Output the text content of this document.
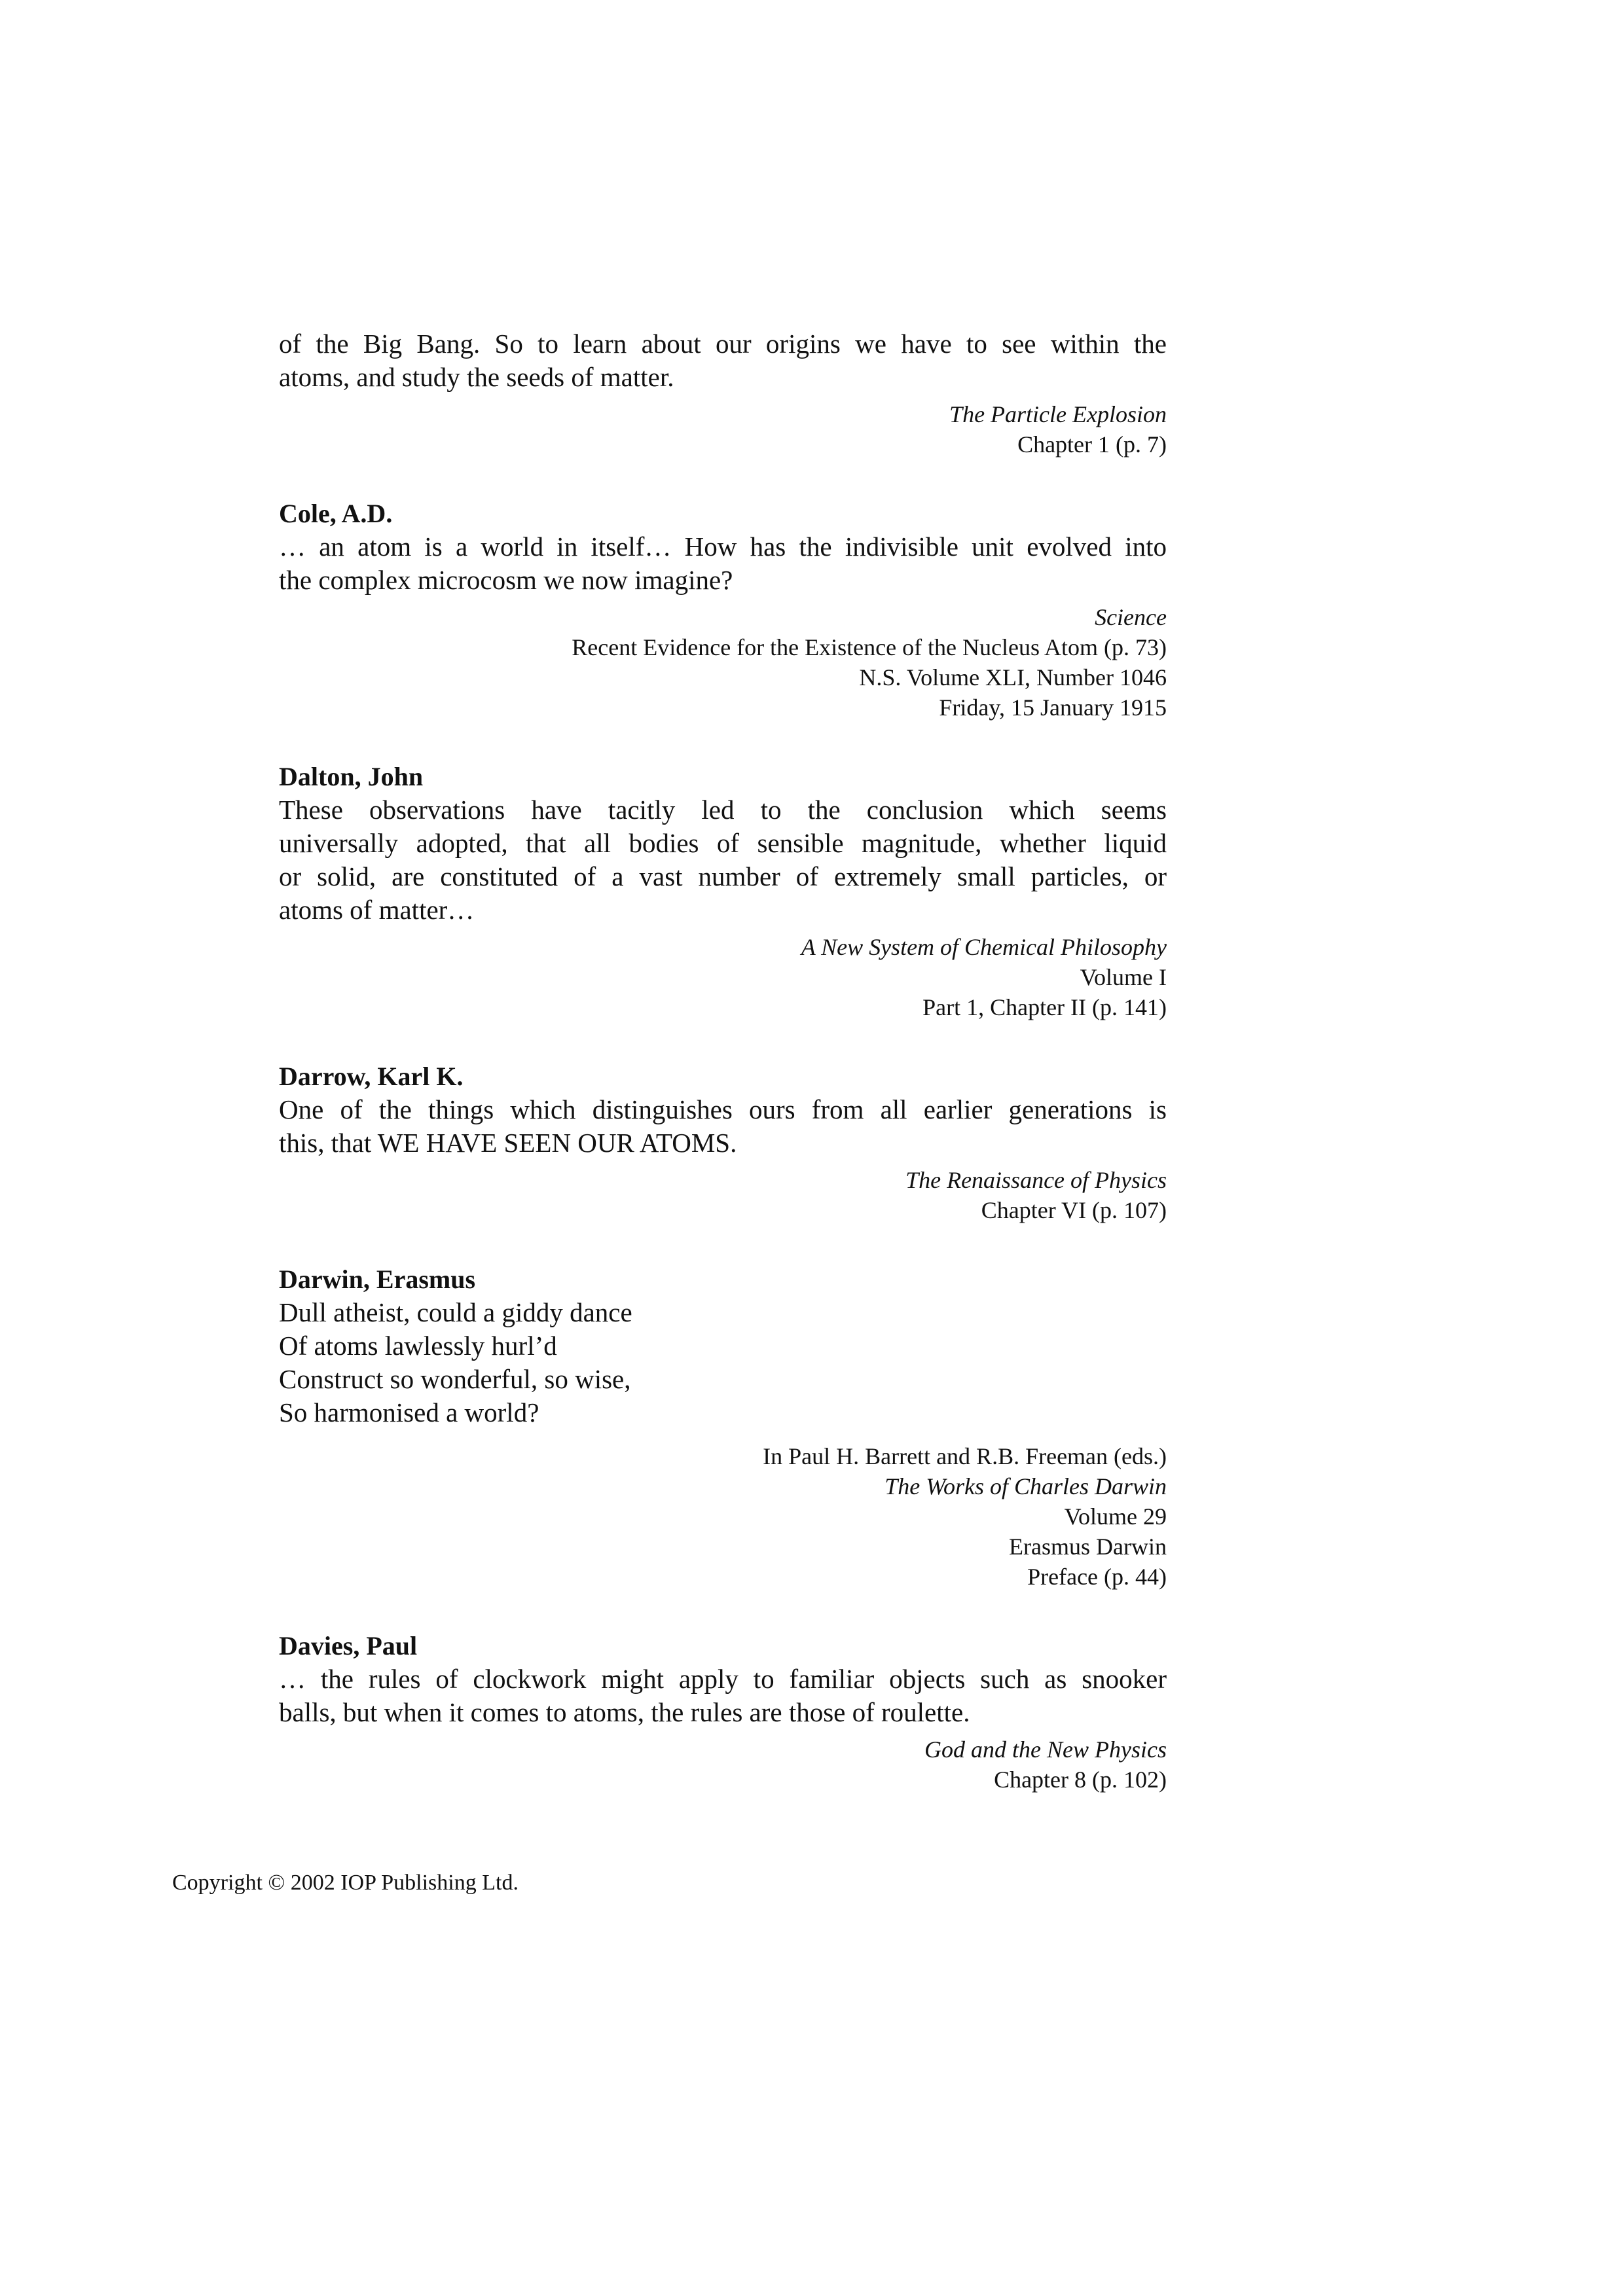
of the Big Bang. So to learn about our origins we have to see within the
atoms, and study the seeds of matter.

The Particle Explosion
Chapter 1 (p. 7)

Cole, A.D.

… an atom is a world in itself… How has the indivisible unit evolved into
the complex microcosm we now imagine?

Science
Recent Evidence for the Existence of the Nucleus Atom (p. 73)
N.S. Volume XLI, Number 1046
Friday, 15 January 1915

Dalton, John

These observations have tacitly led to the conclusion which seems
universally adopted, that all bodies of sensible magnitude, whether liquid
or solid, are constituted of a vast number of extremely small particles, or
atoms of matter…

A New System of Chemical Philosophy
Volume I
Part 1, Chapter II (p. 141)

Darrow, Karl K.

One of the things which distinguishes ours from all earlier generations is
this, that WE HAVE SEEN OUR ATOMS.

The Renaissance of Physics
Chapter VI (p. 107)

Darwin, Erasmus

Dull atheist, could a giddy dance
Of atoms lawlessly hurl’d
Construct so wonderful, so wise,
So harmonised a world?
In Paul H. Barrett and R.B. Freeman (eds.)
The Works of Charles Darwin
Volume 29
Erasmus Darwin
Preface (p. 44)

Davies, Paul

… the rules of clockwork might apply to familiar objects such as snooker
balls, but when it comes to atoms, the rules are those of roulette.

God and the New Physics
Chapter 8 (p. 102)
Copyright © 2002 IOP Publishing Ltd.
